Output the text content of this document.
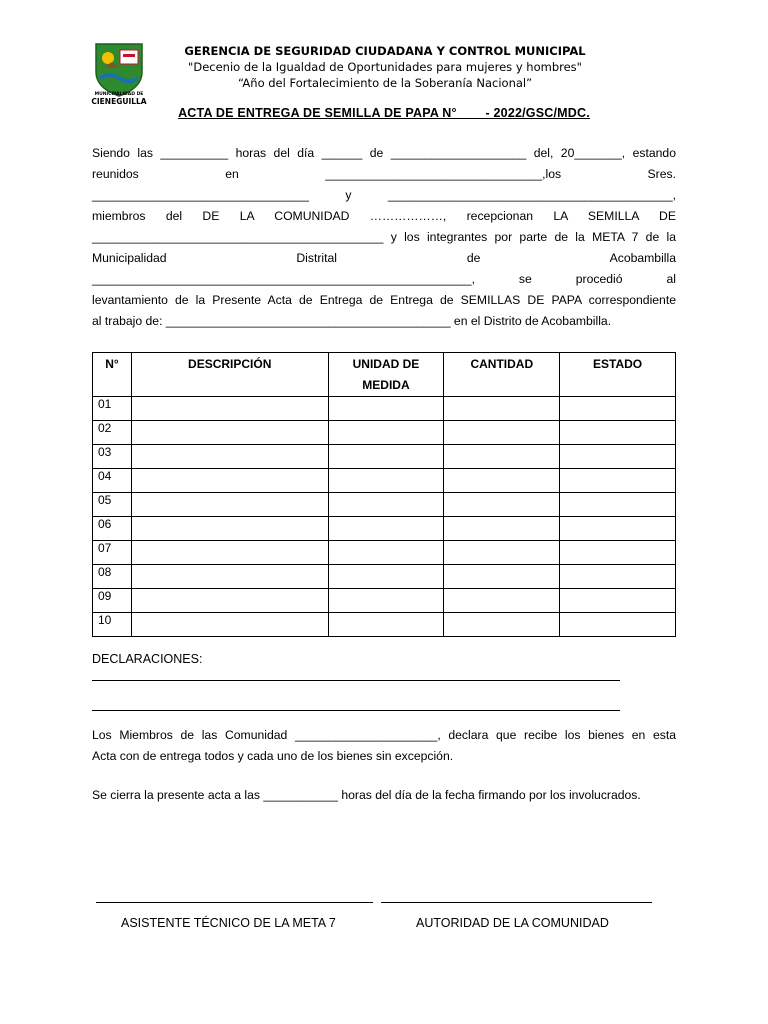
MUNICIPALIDAD DE
CIENEGUILLA
GERENCIA DE SEGURIDAD CIUDADANA Y CONTROL MUNICIPAL
"Decenio de la Igualdad de Oportunidades para mujeres y hombres"
“Año del Fortalecimiento de la Soberanía Nacional”
ACTA DE ENTREGA DE SEMILLA DE PAPA N° ___ - 2022/GSC/MDC.
Siendo las __________ horas del día ______ de ____________________ del, 20_______, estando
reunidos en ________________________________,los Sres.
________________________________ y __________________________________________,
miembros del DE LA COMUNIDAD ………………, recepcionan LA SEMILLA DE
___________________________________________ y los integrantes por parte de la META 7 de la
Municipalidad Distrital de Acobambilla
________________________________________________________, se procedió al
levantamiento de la Presente Acta de Entrega de Entrega de SEMILLAS DE PAPA correspondiente
al trabajo de: __________________________________________ en el Distrito de Acobambilla.
N°	DESCRIPCIÓN	UNIDAD DE MEDIDA	CANTIDAD	ESTADO
01				
02				
03				
04				
05				
06				
07				
08				
09				
10				
DECLARACIONES:
Los Miembros de las Comunidad _____________________, declara que recibe los bienes en esta
Acta con de entrega todos y cada uno de los bienes sin excepción.
Se cierra la presente acta a las ___________ horas del día de la fecha firmando por los involucrados.
ASISTENTE TÉCNICO DE LA META 7	AUTORIDAD DE LA COMUNIDAD
